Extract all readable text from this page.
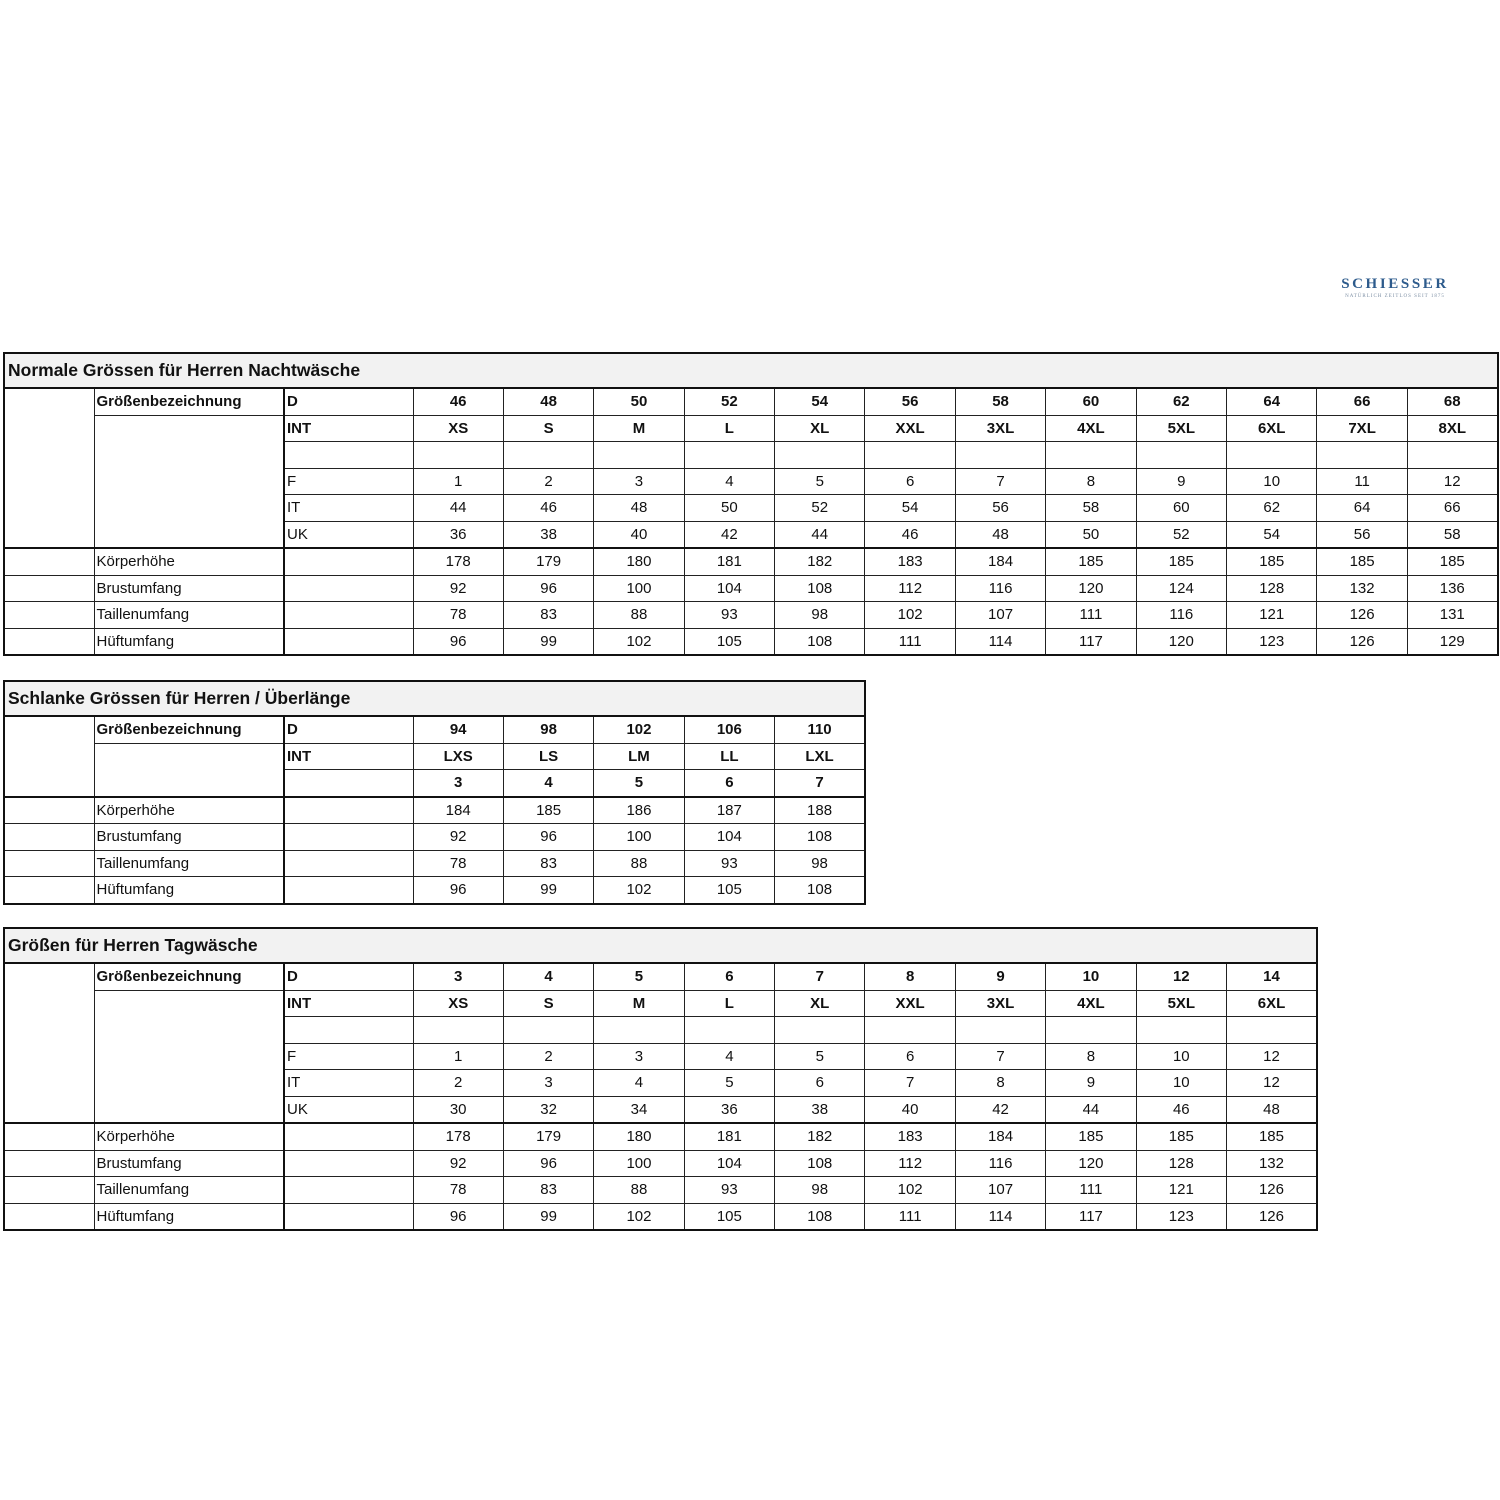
SCHIESSER
NATÜRLICH ZEITLOS SEIT 1875
Normale Grössen für Herren Nachtwäsche														
	Größenbezeichnung	D	46	48	50	52	54	56	58	60	62	64	66	68
		INT	XS	S	M	L	XL	XXL	3XL	4XL	5XL	6XL	7XL	8XL

		F	1	2	3	4	5	6	7	8	9	10	11	12
		IT	44	46	48	50	52	54	56	58	60	62	64	66
		UK	36	38	40	42	44	46	48	50	52	54	56	58
	Körperhöhe		178	179	180	181	182	183	184	185	185	185	185	185
	Brustumfang		92	96	100	104	108	112	116	120	124	128	132	136
	Taillenumfang		78	83	88	93	98	102	107	111	116	121	126	131
	Hüftumfang		96	99	102	105	108	111	114	117	120	123	126	129
Schlanke Grössen für Herren / Überlänge							
	Größenbezeichnung	D	94	98	102	106	110
		INT	LXS	LS	LM	LL	LXL
			3	4	5	6	7
	Körperhöhe		184	185	186	187	188
	Brustumfang		92	96	100	104	108
	Taillenumfang		78	83	88	93	98
	Hüftumfang		96	99	102	105	108
Größen für Herren Tagwäsche												
	Größenbezeichnung	D	3	4	5	6	7	8	9	10	12	14
		INT	XS	S	M	L	XL	XXL	3XL	4XL	5XL	6XL

		F	1	2	3	4	5	6	7	8	10	12
		IT	2	3	4	5	6	7	8	9	10	12
		UK	30	32	34	36	38	40	42	44	46	48
	Körperhöhe		178	179	180	181	182	183	184	185	185	185
	Brustumfang		92	96	100	104	108	112	116	120	128	132
	Taillenumfang		78	83	88	93	98	102	107	111	121	126
	Hüftumfang		96	99	102	105	108	111	114	117	123	126
